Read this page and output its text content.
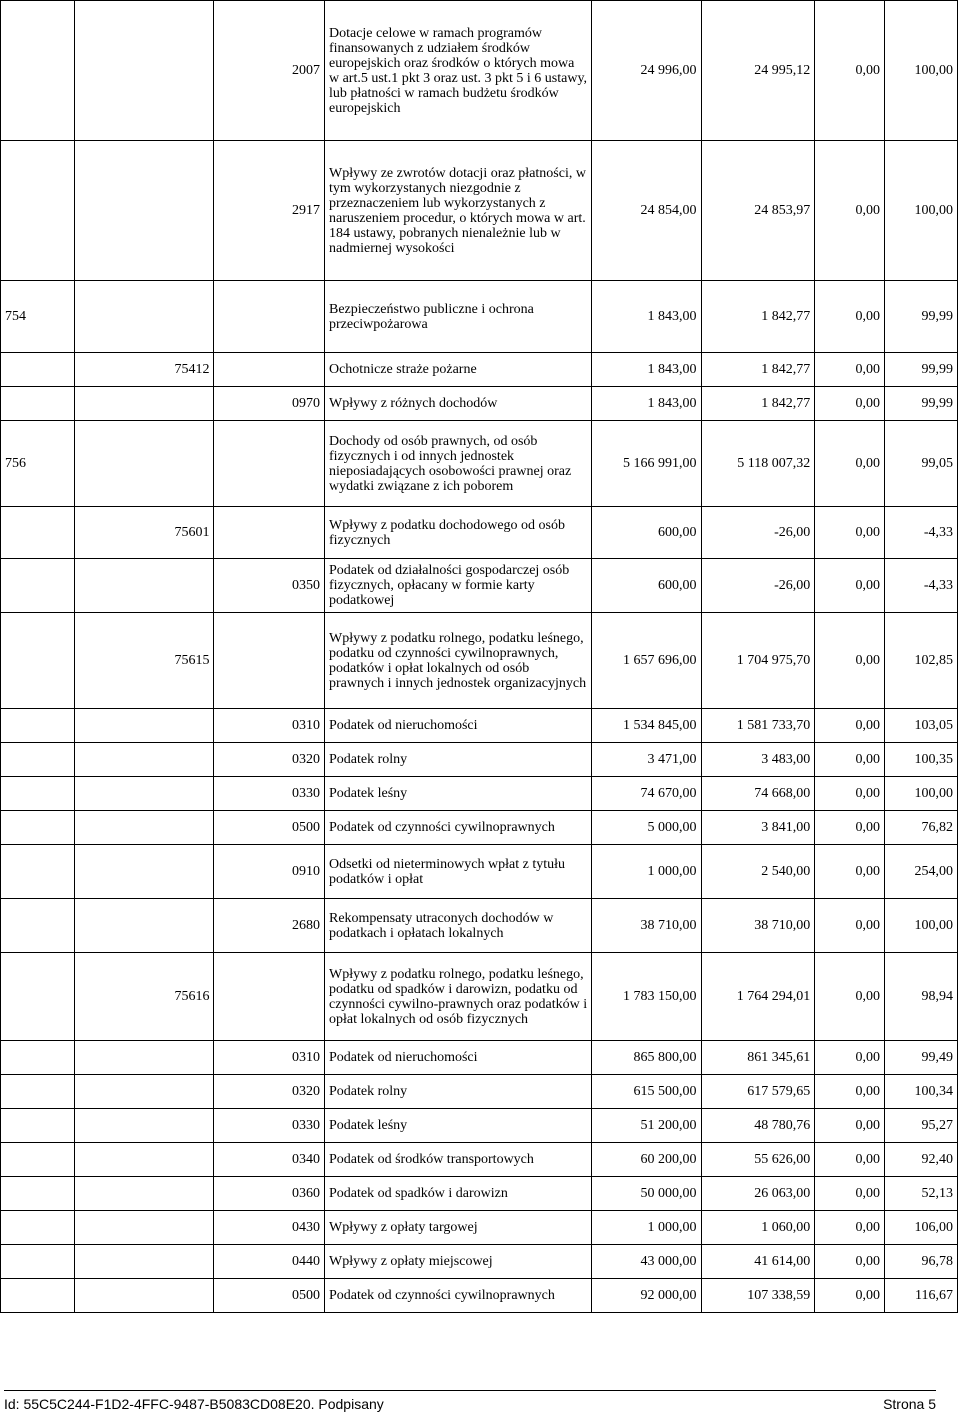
		2007	Dotacje celowe w ramach programów finansowanych z udziałem środków europejskich oraz środków o których mowa w art.5 ust.1 pkt 3 oraz ust. 3 pkt 5 i 6 ustawy, lub płatności w ramach budżetu środków europejskich	24 996,00	24 995,12	0,00	100,00
		2917	Wpływy ze zwrotów dotacji oraz płatności, w tym wykorzystanych niezgodnie z przeznaczeniem lub wykorzystanych z naruszeniem procedur, o których mowa w art. 184 ustawy, pobranych nienależnie lub w nadmiernej wysokości	24 854,00	24 853,97	0,00	100,00
754			Bezpieczeństwo publiczne i ochrona przeciwpożarowa	1 843,00	1 842,77	0,00	99,99
	75412		Ochotnicze straże pożarne	1 843,00	1 842,77	0,00	99,99
		0970	Wpływy z różnych dochodów	1 843,00	1 842,77	0,00	99,99
756			Dochody od osób prawnych, od osób fizycznych i od innych jednostek nieposiadających osobowości prawnej oraz wydatki związane z ich poborem	5 166 991,00	5 118 007,32	0,00	99,05
	75601		Wpływy z podatku dochodowego od osób fizycznych	600,00	-26,00	0,00	-4,33
		0350	Podatek od działalności gospodarczej osób fizycznych, opłacany w formie karty podatkowej	600,00	-26,00	0,00	-4,33
	75615		Wpływy z podatku rolnego, podatku leśnego, podatku od czynności cywilnoprawnych, podatków i opłat lokalnych od osób prawnych i innych jednostek organizacyjnych	1 657 696,00	1 704 975,70	0,00	102,85
		0310	Podatek od nieruchomości	1 534 845,00	1 581 733,70	0,00	103,05
		0320	Podatek rolny	3 471,00	3 483,00	0,00	100,35
		0330	Podatek leśny	74 670,00	74 668,00	0,00	100,00
		0500	Podatek od czynności cywilnoprawnych	5 000,00	3 841,00	0,00	76,82
		0910	Odsetki od nieterminowych wpłat z tytułu podatków i opłat	1 000,00	2 540,00	0,00	254,00
		2680	Rekompensaty utraconych dochodów w podatkach i opłatach lokalnych	38 710,00	38 710,00	0,00	100,00
	75616		Wpływy z podatku rolnego, podatku leśnego, podatku od spadków i darowizn, podatku od czynności cywilno-prawnych oraz podatków i opłat lokalnych od osób fizycznych	1 783 150,00	1 764 294,01	0,00	98,94
		0310	Podatek od nieruchomości	865 800,00	861 345,61	0,00	99,49
		0320	Podatek rolny	615 500,00	617 579,65	0,00	100,34
		0330	Podatek leśny	51 200,00	48 780,76	0,00	95,27
		0340	Podatek od środków transportowych	60 200,00	55 626,00	0,00	92,40
		0360	Podatek od spadków i darowizn	50 000,00	26 063,00	0,00	52,13
		0430	Wpływy z opłaty targowej	1 000,00	1 060,00	0,00	106,00
		0440	Wpływy z opłaty miejscowej	43 000,00	41 614,00	0,00	96,78
		0500	Podatek od czynności cywilnoprawnych	92 000,00	107 338,59	0,00	116,67
Id: 55C5C244-F1D2-4FFC-9487-B5083CD08E20. Podpisany	Strona 5
